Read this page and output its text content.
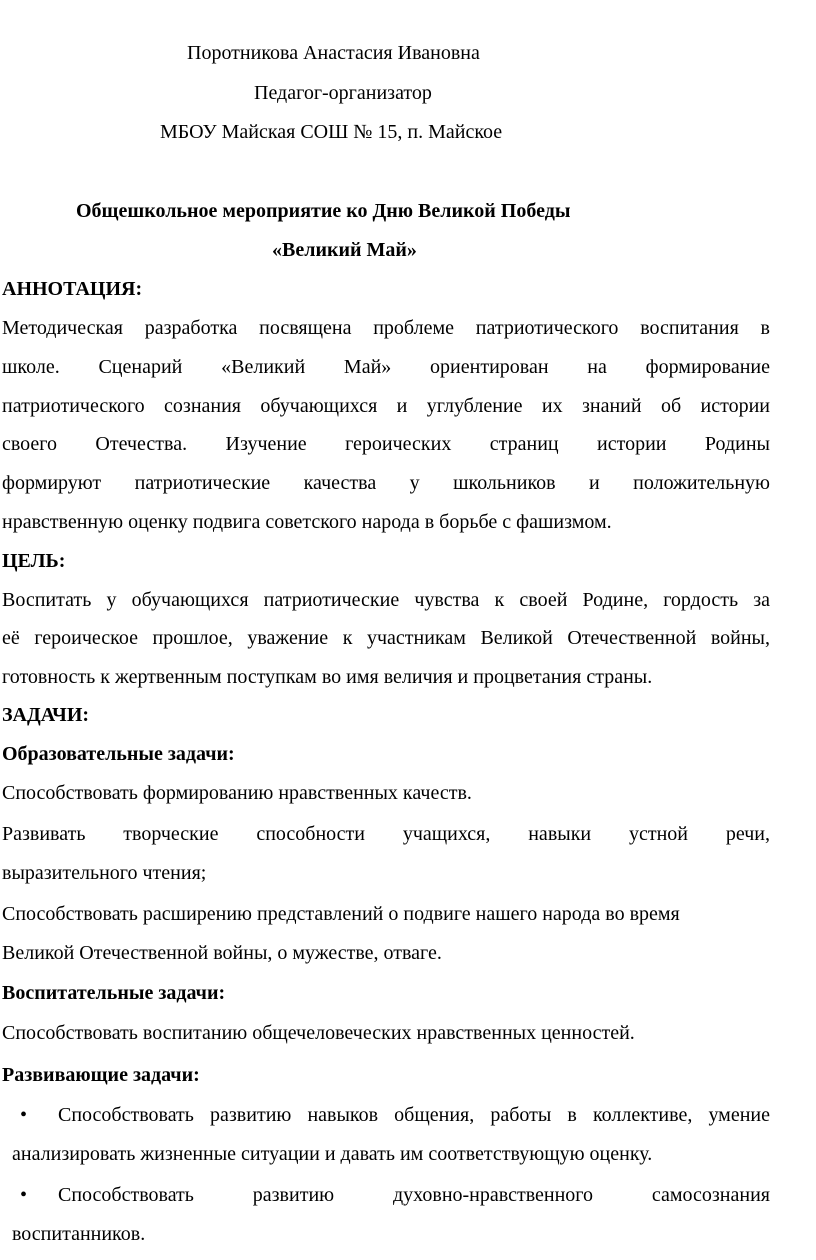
Поротникова Анастасия Ивановна
Педагог-организатор
МБОУ Майская СОШ № 15, п. Майское
Общешкольное мероприятие ко Дню Великой Победы
«Великий Май»
АННОТАЦИЯ:
Методическая разработка посвящена проблеме патриотического воспитания в
школе. Сценарий «Великий Май» ориентирован на формирование
патриотического сознания обучающихся и углубление их знаний об истории
своего Отечества. Изучение героических страниц истории Родины
формируют патриотические качества у школьников и положительную
нравственную оценку подвига советского народа в борьбе с фашизмом.
ЦЕЛЬ:
Воспитать у обучающихся патриотические чувства к своей Родине, гордость за
её героическое прошлое, уважение к участникам Великой Отечественной войны,
готовность к жертвенным поступкам во имя величия и процветания страны.
ЗАДАЧИ:
Образовательные задачи:
Способствовать формированию нравственных качеств.
Развивать творческие способности учащихся, навыки устной речи,
выразительного чтения;
Способствовать расширению представлений о подвиге нашего народа во время
Великой Отечественной войны, о мужестве, отваге.
Воспитательные задачи:
Способствовать воспитанию общечеловеческих нравственных ценностей.
Развивающие задачи:
• Способствовать развитию навыков общения, работы в коллективе, умение
анализировать жизненные ситуации и давать им соответствующую оценку.
• Способствовать развитию духовно-нравственного самосознания
воспитанников.
